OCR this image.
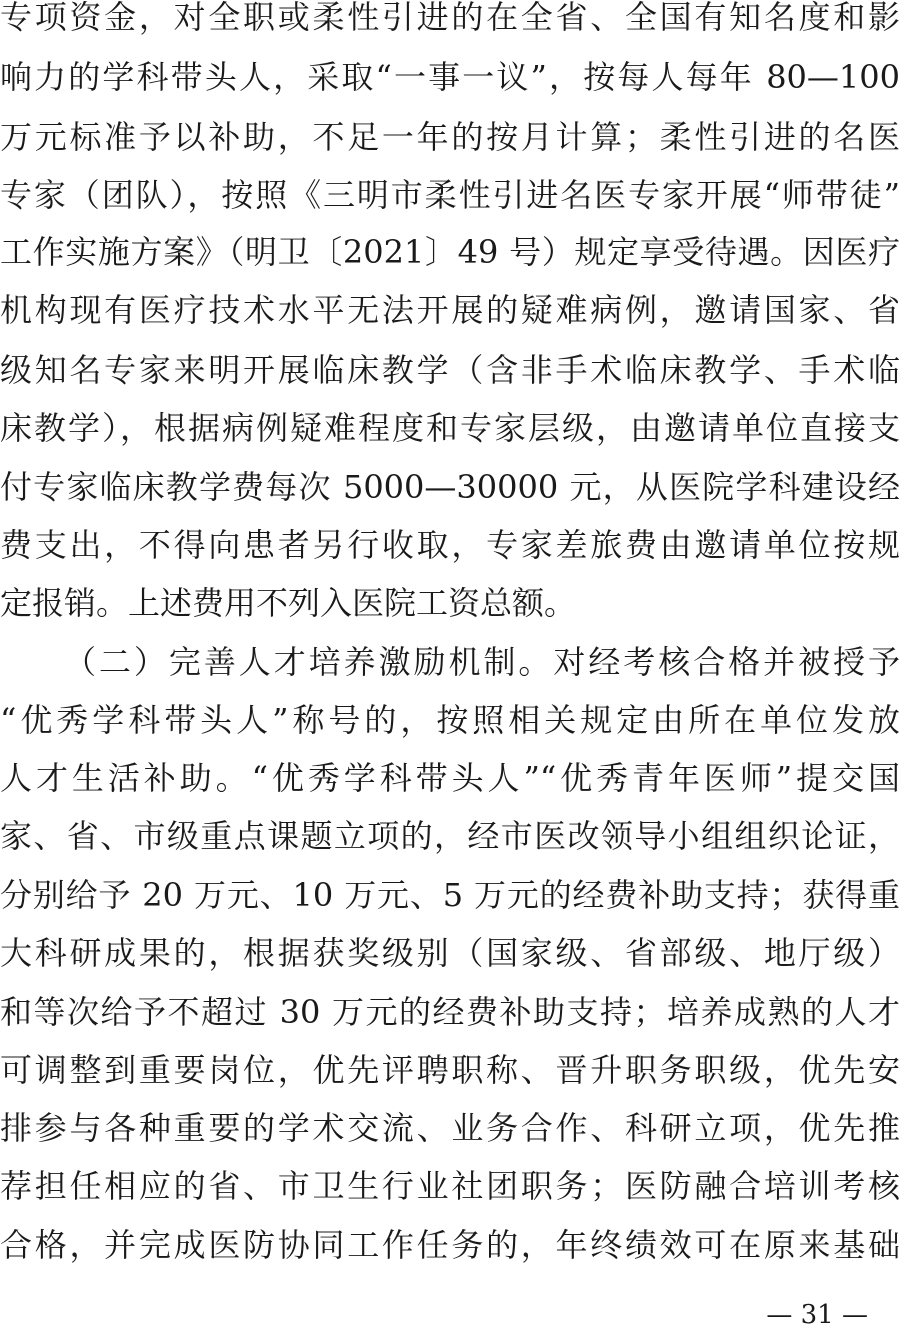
专项资金，对全职或柔性引进的在全省、全国有知名度和影
响力的学科带头人，采取“一事一议”，按每人每年 80—100
万元标准予以补助，不足一年的按月计算；柔性引进的名医
专家（团队），按照《三明市柔性引进名医专家开展“师带徒”
工作实施方案》（明卫〔2021〕49 号）规定享受待遇。因医疗
机构现有医疗技术水平无法开展的疑难病例，邀请国家、省
级知名专家来明开展临床教学（含非手术临床教学、手术临
床教学），根据病例疑难程度和专家层级，由邀请单位直接支
付专家临床教学费每次 5000—30000 元，从医院学科建设经
费支出，不得向患者另行收取，专家差旅费由邀请单位按规
定报销。上述费用不列入医院工资总额。
（二）完善人才培养激励机制。对经考核合格并被授予
“优秀学科带头人”称号的，按照相关规定由所在单位发放
人才生活补助。“优秀学科带头人”“优秀青年医师”提交国
家、省、市级重点课题立项的，经市医改领导小组组织论证，
分别给予 20 万元、10 万元、5 万元的经费补助支持；获得重
大科研成果的，根据获奖级别（国家级、省部级、地厅级）
和等次给予不超过 30 万元的经费补助支持；培养成熟的人才
可调整到重要岗位，优先评聘职称、晋升职务职级，优先安
排参与各种重要的学术交流、业务合作、科研立项，优先推
荐担任相应的省、市卫生行业社团职务；医防融合培训考核
合格，并完成医防协同工作任务的，年终绩效可在原来基础
— 31 —
